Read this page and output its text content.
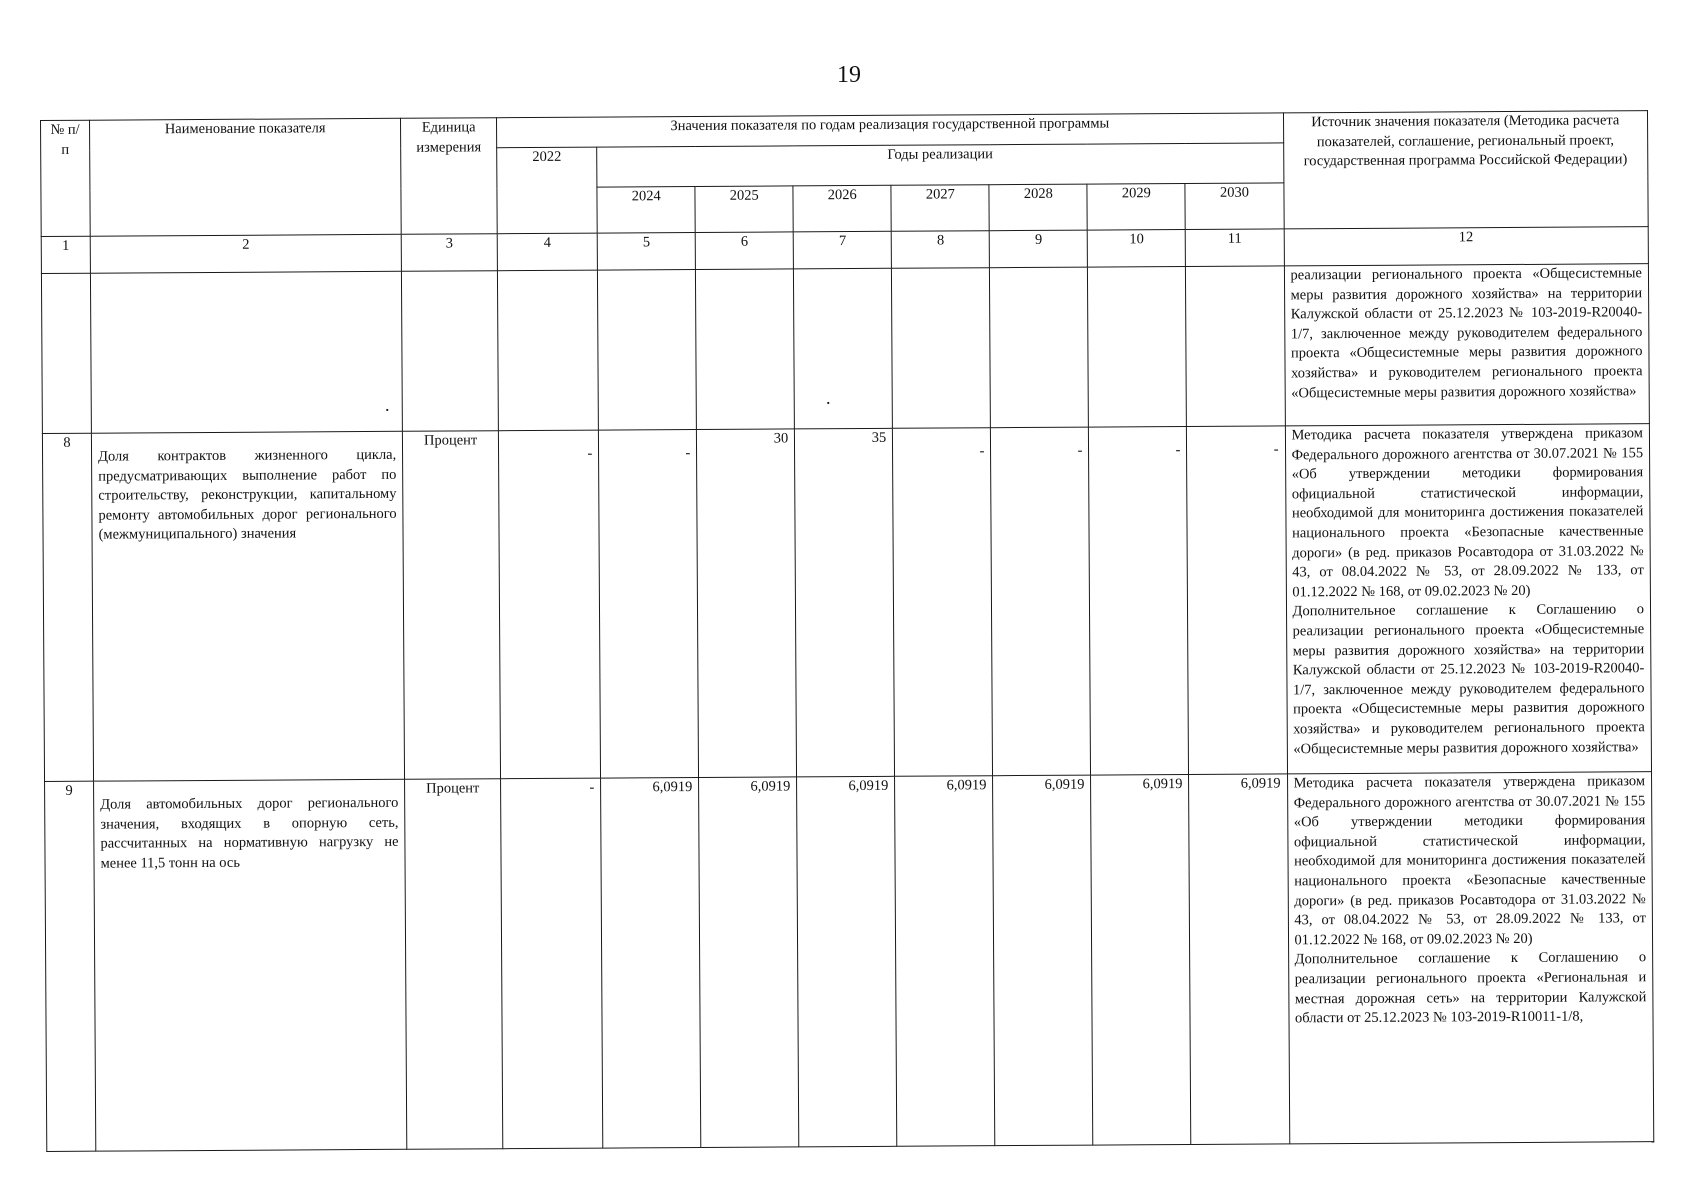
19
№ п/п	Наименование показателя	Единица измерения	Значения показателя по годам реализация государственной программы								Источник значения показателя (Методика расчета показателей, соглашение, региональный проект, государственная программа Российской Федерации)
			2022	Годы реализации							
				2024	2025	2026	2027	2028	2029	2030	
1	2	3	4	5	6	7	8	9	10	11	12

											реализации регионального проекта «Общесистемные меры развития дорожного хозяйства» на территории Калужской области от 25.12.2023 № 103-2019-R20040-1/7, заключенное между руководителем федерального проекта «Общесистемные меры развития дорожного хозяйства» и руководителем регионального проекта «Общесистемные меры развития дорожного хозяйства»

8	Доля контрактов жизненного цикла, предусматривающих выполнение работ по строительству, реконструкции, капитальному ремонту автомобильных дорог регионального (межмуниципального) значения	Процент	-	-	30	35	-	-	-	-	Методика расчета показателя утверждена приказом Федерального дорожного агентства от 30.07.2021 № 155 «Об утверждении методики формирования официальной статистической информации, необходимой для мониторинга достижения показателей национального проекта «Безопасные качественные дороги» (в ред. приказов Росавтодора от 31.03.2022 № 43, от 08.04.2022 № 53, от 28.09.2022 № 133, от 01.12.2022 № 168, от 09.02.2023 № 20)

Дополнительное соглашение к Соглашению о реализации регионального проекта «Общесистемные меры развития дорожного хозяйства» на территории Калужской области от 25.12.2023 № 103-2019-R20040-1/7, заключенное между руководителем федерального проекта «Общесистемные меры развития дорожного хозяйства» и руководителем регионального проекта «Общесистемные меры развития дорожного хозяйства»

9	Доля автомобильных дорог регионального значения, входящих в опорную сеть, рассчитанных на нормативную нагрузку не менее 11,5 тонн на ось	Процент	-	6,0919	6,0919	6,0919	6,0919	6,0919	6,0919	6,0919	Методика расчета показателя утверждена приказом Федерального дорожного агентства от 30.07.2021 № 155 «Об утверждении методики формирования официальной статистической информации, необходимой для мониторинга достижения показателей национального проекта «Безопасные качественные дороги» (в ред. приказов Росавтодора от 31.03.2022 № 43, от 08.04.2022 № 53, от 28.09.2022 № 133, от 01.12.2022 № 168, от 09.02.2023 № 20)

Дополнительное соглашение к Соглашению о реализации регионального проекта «Региональная и местная дорожная сеть» на территории Калужской области от 25.12.2023 № 103-2019-R10011-1/8,

.	.
